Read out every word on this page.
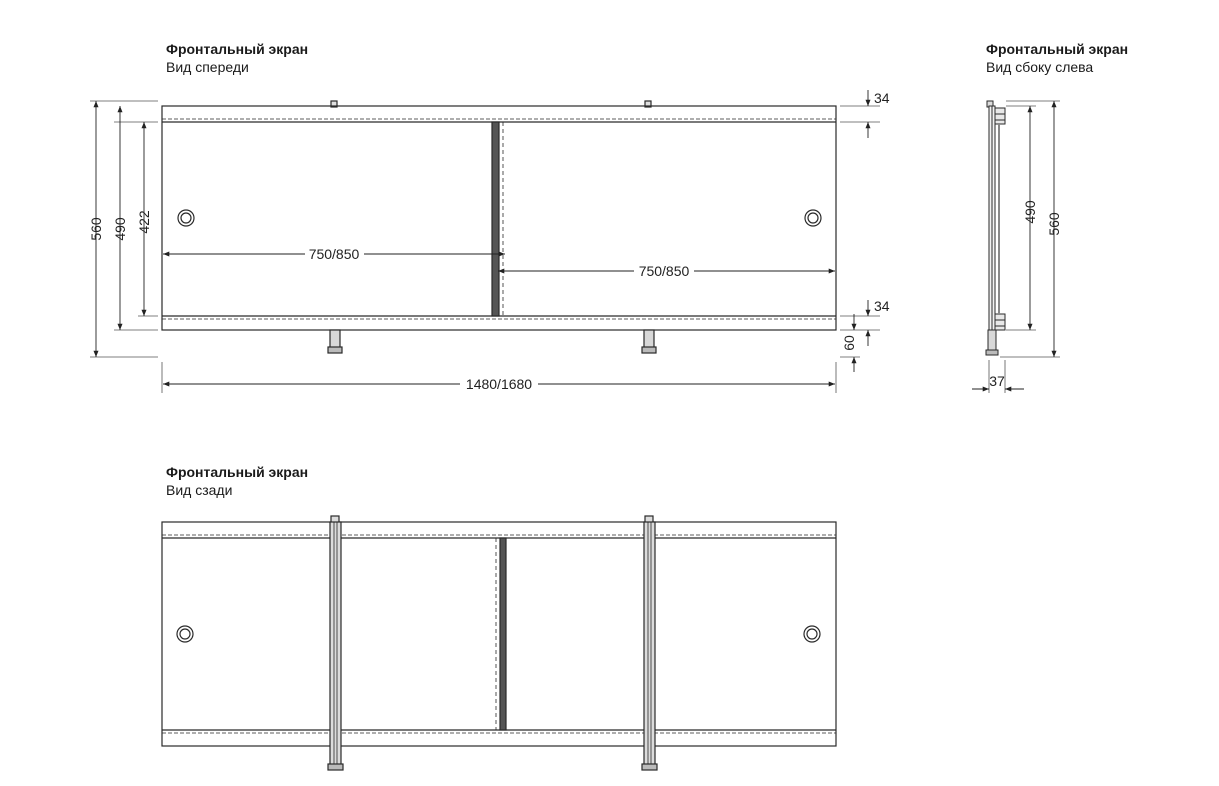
Фронтальный экран
Вид спереди
Фронтальный экран
Вид сбоку слева
Фронтальный экран
Вид сзади
560 490 422
750/850
750/850
1480/1680
34
34
60
490
560
37
